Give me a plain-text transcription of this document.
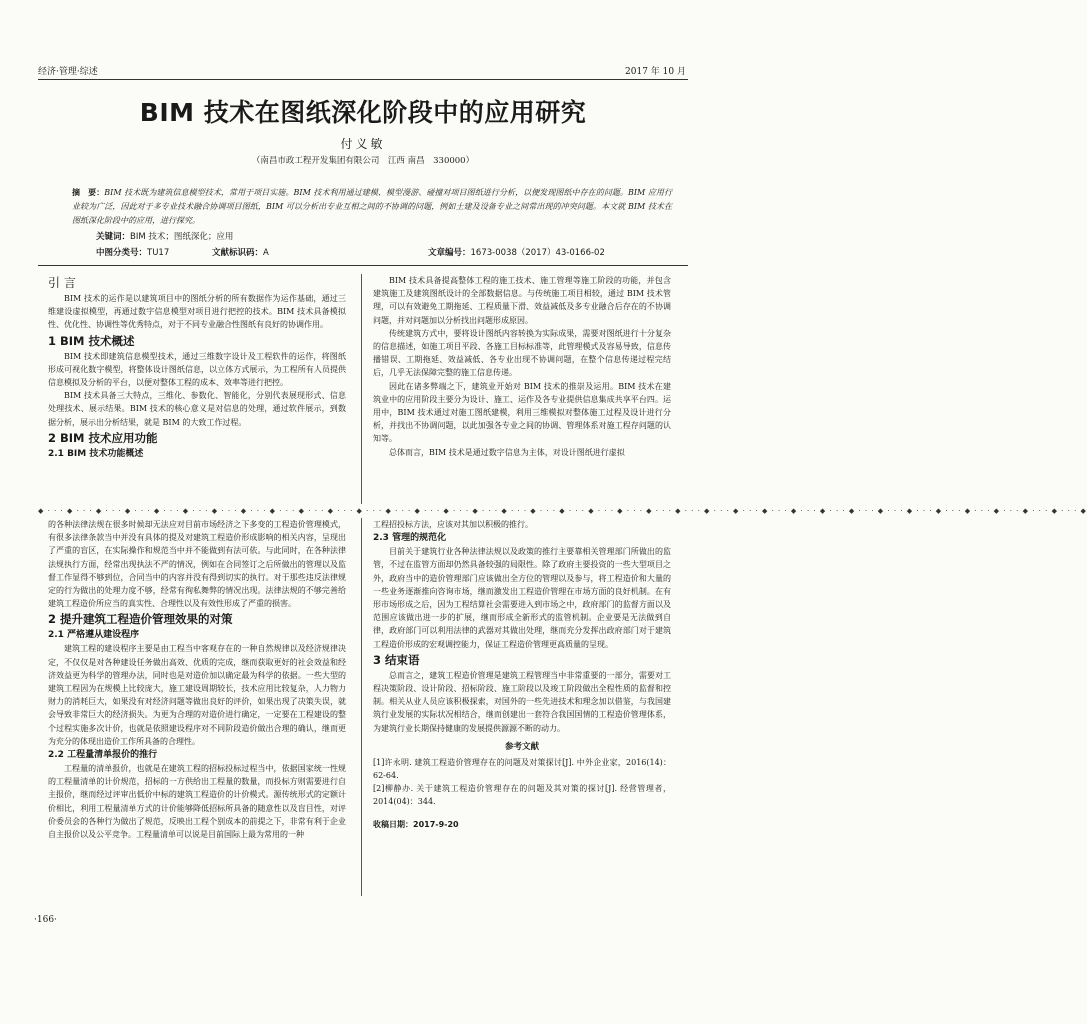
经济·管理·综述	2017 年 10 月
BIM 技术在图纸深化阶段中的应用研究
付义敏
（南昌市政工程开发集团有限公司　江西 南昌　330000）
摘　要：BIM 技术既为建筑信息模型技术，常用于项目实施。BIM 技术利用通过建模、模型漫游、碰撞对项目图纸进行分析，以便发现图纸中存在的问题。BIM 应用行业较为广泛，因此对于多专业技术融合协调项目图纸，BIM 可以分析出专业互相之间的不协调的问题，例如土建及设备专业之间常出现的冲突问题。本文就 BIM 技术在图纸深化阶段中的应用，进行探究。
关键词：BIM 技术；图纸深化；应用
中图分类号：TU17	文献标识码：A	文章编号：1673-0038（2017）43-0166-02
引 言

BIM 技术的运作是以建筑项目中的图纸分析的所有数据作为运作基础，通过三维建设虚拟模型，再通过数字信息模型对项目进行把控的技术。BIM 技术具备模拟性、优化性、协调性等优秀特点，对于不同专业融合性图纸有良好的协调作用。

1 BIM 技术概述

BIM 技术即建筑信息模型技术，通过三维数字设计及工程软件的运作，将图纸形成可视化数字模型，将整体设计图纸信息，以立体方式展示，为工程所有人员提供信息模拟及分析的平台，以便对整体工程的成本、效率等进行把控。

BIM 技术具备三大特点，三维化、参数化、智能化，分别代表展现形式、信息处理技术、展示结果。BIM 技术的核心意义是对信息的处理，通过软件展示，到数据分析，展示出分析结果，就是 BIM 的大致工作过程。

2 BIM 技术应用功能
2.1 BIM 技术功能概述

BIM 技术具备提高整体工程的施工技术、施工管理等施工阶段的功能，并包含建筑施工及建筑图纸设计的全部数据信息。与传统施工项目相较，通过 BIM 技术管理，可以有效避免工期拖延、工程质量下滑、效益减低及多专业融合后存在的不协调问题，并对问题加以分析找出问题形成原因。

传统建筑方式中，要将设计图纸内容转换为实际成果，需要对图纸进行十分复杂的信息描述，如施工项目平段、各施工目标标准等，此管理模式及容易导致，信息传播错误、工期拖延、效益减低、各专业出现不协调问题，在整个信息传递过程完结后，几乎无法保障完整的施工信息传递。

因此在诸多弊端之下，建筑业开始对 BIM 技术的推崇及运用。BIM 技术在建筑业中的应用阶段主要分为设计、施工、运作及各专业提供信息集成共享平台四。运用中，BIM 技术通过对施工图纸建模，利用三维模拟对整体施工过程及设计进行分析，并找出不协调问题，以此加强各专业之间的协调、管理体系对施工程存问题的认知等。

总体而言，BIM 技术是通过数字信息为主体，对设计图纸进行虚拟

◆ · · · ◆ · · · ◆ · · · ◆ · · · ◆ · · · ◆ · · · ◆ · · · ◆ · · · ◆ · · · ◆ · · · ◆ · · · ◆ · · · ◆ · · · ◆ · · · ◆ · · · ◆ · · · ◆ · · · ◆ · · · ◆ · · · ◆ · · · ◆ · · · ◆ · · · ◆ · · · ◆ · · · ◆ · · · ◆ · · · ◆ · · · ◆ · · · ◆ · · · ◆ · · · ◆ · · · ◆ · · · ◆ · · · ◆ · · · ◆ · · · ◆ · · · ◆

的各种法律法规在很多时候却无法应对目前市场经济之下多变的工程造价管理模式，有很多法律条款当中并没有具体的提及对建筑工程造价形成影响的相关内容，呈现出了严重的盲区，在实际操作和规范当中并不能做到有法可依。与此同时，在各种法律法规执行方面，经常出现执法不严的情况，例如在合同签订之后所做出的管理以及监督工作显得不够到位，合同当中的内容并没有得到切实的执行。对于那些违反法律规定的行为做出的处理力度不够，经常有徇私舞弊的情况出现。法律法规的不够完善给建筑工程造价所应当的真实性、合理性以及有效性形成了严重的损害。

2 提升建筑工程造价管理效果的对策
2.1 严格遵从建设程序

建筑工程的建设程序主要是由工程当中客观存在的一种自然规律以及经济规律决定，不仅仅是对各种建设任务做出高效、优质的完成，继而获取更好的社会效益和经济效益更为科学的管理办法，同时也是对造价加以确定最为科学的依据。一些大型的建筑工程因为在规模上比较庞大，施工建设周期较长，技术应用比较复杂，人力物力财力的消耗巨大，如果没有对经济问题等做出良好的评价，如果出现了决策失误，就会导致非常巨大的经济损失。为更为合理的对造价进行确定，一定要在工程建设的整个过程实施多次计价，也就是依照建设程序对不同阶段造价做出合理的确认，继而更为充分的体现出造价工作所具备的合理性。

2.2 工程量清单报价的推行

工程量的清单报价，也就是在建筑工程的招标投标过程当中，依据国家统一性规的工程量清单的计价规范，招标的一方供给出工程量的数量，而投标方则需要进行自主报价，继而经过评审出低价中标的建筑工程造价的计价模式。源传统形式的定额计价相比，利用工程量清单方式的计价能够降低招标所具备的随意性以及盲目性，对评价委员会的各种行为做出了规范，反映出工程个别成本的前提之下，非常有利于企业自主报价以及公平竞争。工程量清单可以说是目前国际上最为常用的一种

工程招投标方法，应该对其加以积极的推行。

2.3 管理的规范化

目前关于建筑行业各种法律法规以及政策的推行主要靠相关管理部门所做出的监管，不过在监管方面却仍然具备较强的局限性。除了政府主要投资的一些大型项目之外，政府当中的造价管理部门应该做出全方位的管理以及参与，将工程造价和大量的一些业务逐渐推向咨询市场，继而激发出工程造价管理在市场方面的良好机制。在有形市场形成之后，因为工程结算社会需要进入到市场之中，政府部门的监督方面以及范围应该做出进一步的扩展，继而形成全新形式的监管机制。企业要是无法做到自律，政府部门可以利用法律的武器对其做出处理，继而充分发挥出政府部门对于建筑工程造价形成的宏观调控能力，保证工程造价管理更高质量的呈现。

3 结束语

总而言之，建筑工程造价管理是建筑工程管理当中非常重要的一部分，需要对工程决策阶段、设计阶段、招标阶段、施工阶段以及竣工阶段做出全程性质的监督和控制。相关从业人员应该积极探索，对国外的一些先进技术和理念加以借鉴，与我国建筑行业发展的实际状况相结合，继而创建出一套符合我国国情的工程造价管理体系，为建筑行业长期保持健康的发展提供源源不断的动力。

参考文献
[1]许永明. 建筑工程造价管理存在的问题及对策探讨[J]. 中外企业家，2016(14)：62-64.
[2]柳静办. 关于建筑工程造价管理存在的问题及其对策的探讨[J]. 经营管理者，2014(04)：344.
收稿日期：2017-9-20
·166·
